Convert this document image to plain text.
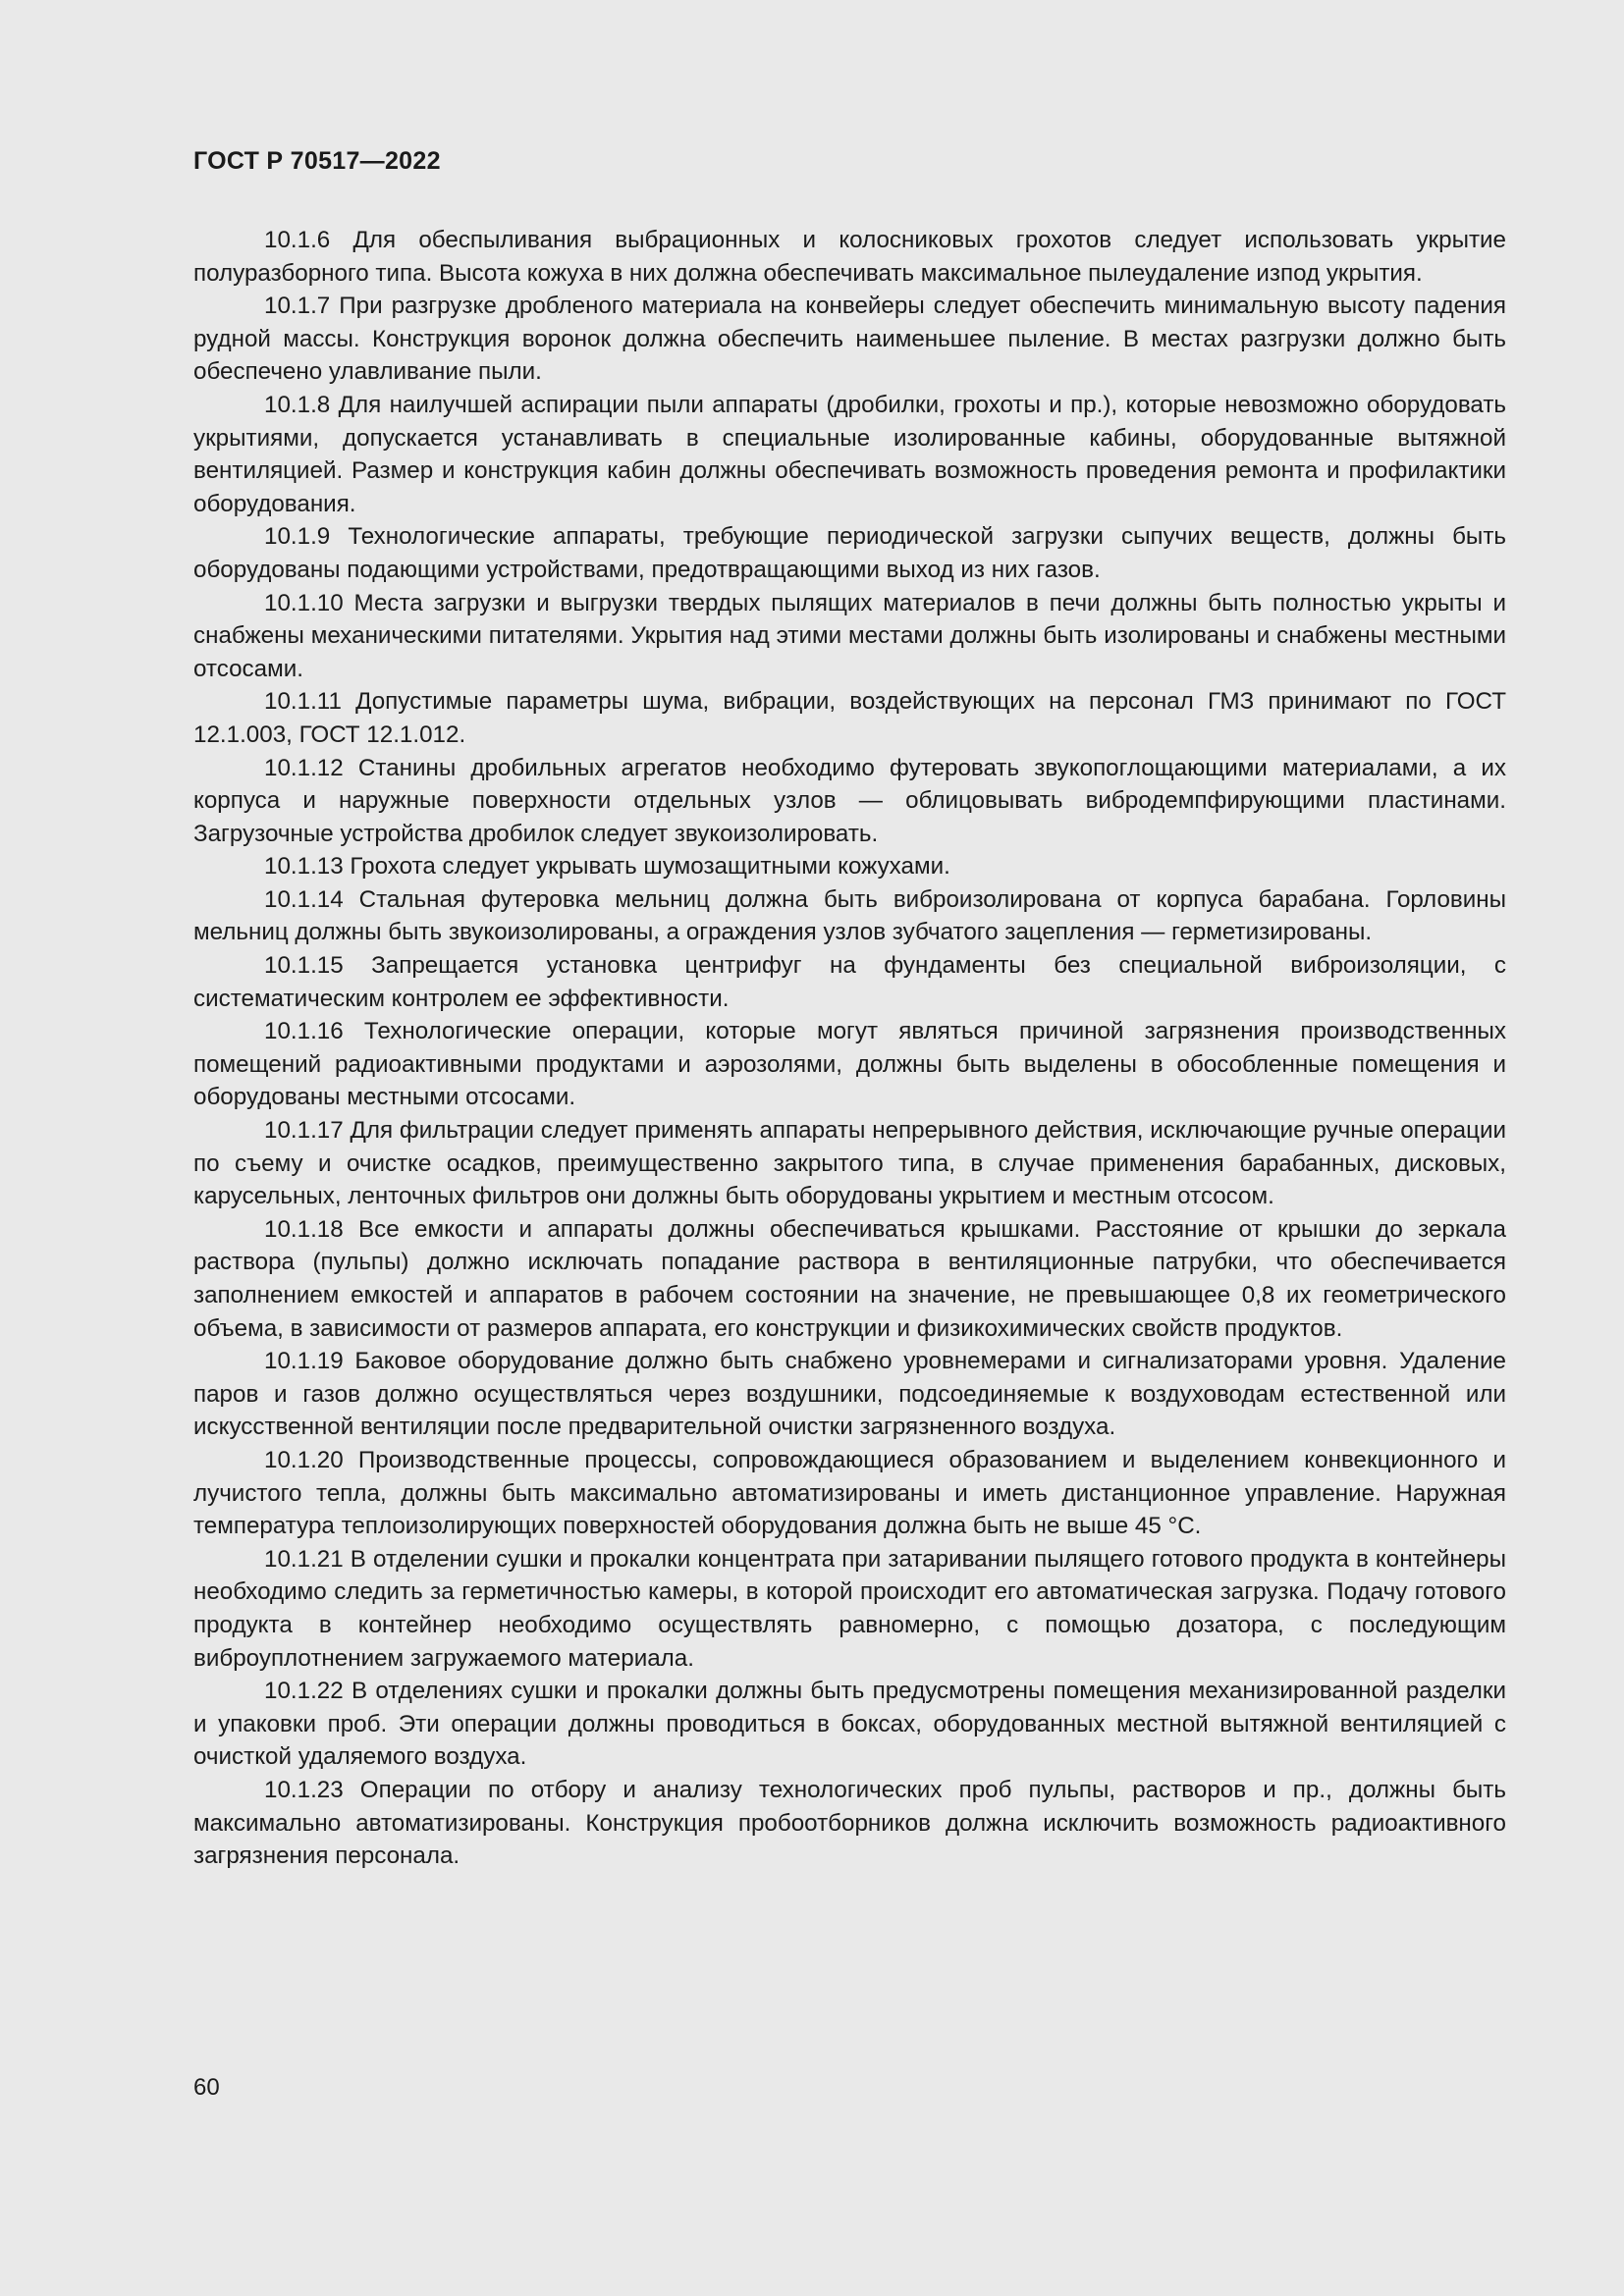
ГОСТ Р 70517—2022

10.1.6 Для обеспыливания выбрационных и колосниковых грохотов следует использовать укрытие полуразборного типа. Высота кожуха в них должна обеспечивать максимальное пылеудаление изпод укрытия.

10.1.7 При разгрузке дробленого материала на конвейеры следует обеспечить минимальную высоту падения рудной массы. Конструкция воронок должна обеспечить наименьшее пыление. В местах разгрузки должно быть обеспечено улавливание пыли.

10.1.8 Для наилучшей аспирации пыли аппараты (дробилки, грохоты и пр.), которые невозможно оборудовать укрытиями, допускается устанавливать в специальные изолированные кабины, оборудованные вытяжной вентиляцией. Размер и конструкция кабин должны обеспечивать возможность проведения ремонта и профилактики оборудования.

10.1.9 Технологические аппараты, требующие периодической загрузки сыпучих веществ, должны быть оборудованы подающими устройствами, предотвращающими выход из них газов.

10.1.10 Места загрузки и выгрузки твердых пылящих материалов в печи должны быть полностью укрыты и снабжены механическими питателями. Укрытия над этими местами должны быть изолированы и снабжены местными отсосами.

10.1.11 Допустимые параметры шума, вибрации, воздействующих на персонал ГМЗ принимают по ГОСТ 12.1.003, ГОСТ 12.1.012.

10.1.12 Станины дробильных агрегатов необходимо футеровать звукопоглощающими материалами, а их корпуса и наружные поверхности отдельных узлов — облицовывать вибродемпфирующими пластинами. Загрузочные устройства дробилок следует звукоизолировать.

10.1.13 Грохота следует укрывать шумозащитными кожухами.

10.1.14 Стальная футеровка мельниц должна быть виброизолирована от корпуса барабана. Горловины мельниц должны быть звукоизолированы, а ограждения узлов зубчатого зацепления — герметизированы.

10.1.15 Запрещается установка центрифуг на фундаменты без специальной виброизоляции, с систематическим контролем ее эффективности.

10.1.16 Технологические операции, которые могут являться причиной загрязнения производственных помещений радиоактивными продуктами и аэрозолями, должны быть выделены в обособленные помещения и оборудованы местными отсосами.

10.1.17 Для фильтрации следует применять аппараты непрерывного действия, исключающие ручные операции по съему и очистке осадков, преимущественно закрытого типа, в случае применения барабанных, дисковых, карусельных, ленточных фильтров они должны быть оборудованы укрытием и местным отсосом.

10.1.18 Все емкости и аппараты должны обеспечиваться крышками. Расстояние от крышки до зеркала раствора (пульпы) должно исключать попадание раствора в вентиляционные патрубки, что обеспечивается заполнением емкостей и аппаратов в рабочем состоянии на значение, не превышающее 0,8 их геометрического объема, в зависимости от размеров аппарата, его конструкции и физикохимических свойств продуктов.

10.1.19 Баковое оборудование должно быть снабжено уровнемерами и сигнализаторами уровня. Удаление паров и газов должно осуществляться через воздушники, подсоединяемые к воздуховодам естественной или искусственной вентиляции после предварительной очистки загрязненного воздуха.

10.1.20 Производственные процессы, сопровождающиеся образованием и выделением конвекционного и лучистого тепла, должны быть максимально автоматизированы и иметь дистанционное управление. Наружная температура теплоизолирующих поверхностей оборудования должна быть не выше 45 °С.

10.1.21 В отделении сушки и прокалки концентрата при затаривании пылящего готового продукта в контейнеры необходимо следить за герметичностью камеры, в которой происходит его автоматическая загрузка. Подачу готового продукта в контейнер необходимо осуществлять равномерно, с помощью дозатора, с последующим виброуплотнением загружаемого материала.

10.1.22 В отделениях сушки и прокалки должны быть предусмотрены помещения механизированной разделки и упаковки проб. Эти операции должны проводиться в боксах, оборудованных местной вытяжной вентиляцией с очисткой удаляемого воздуха.

10.1.23 Операции по отбору и анализу технологических проб пульпы, растворов и пр., должны быть максимально автоматизированы. Конструкция пробоотборников должна исключить возможность радиоактивного загрязнения персонала.

60
